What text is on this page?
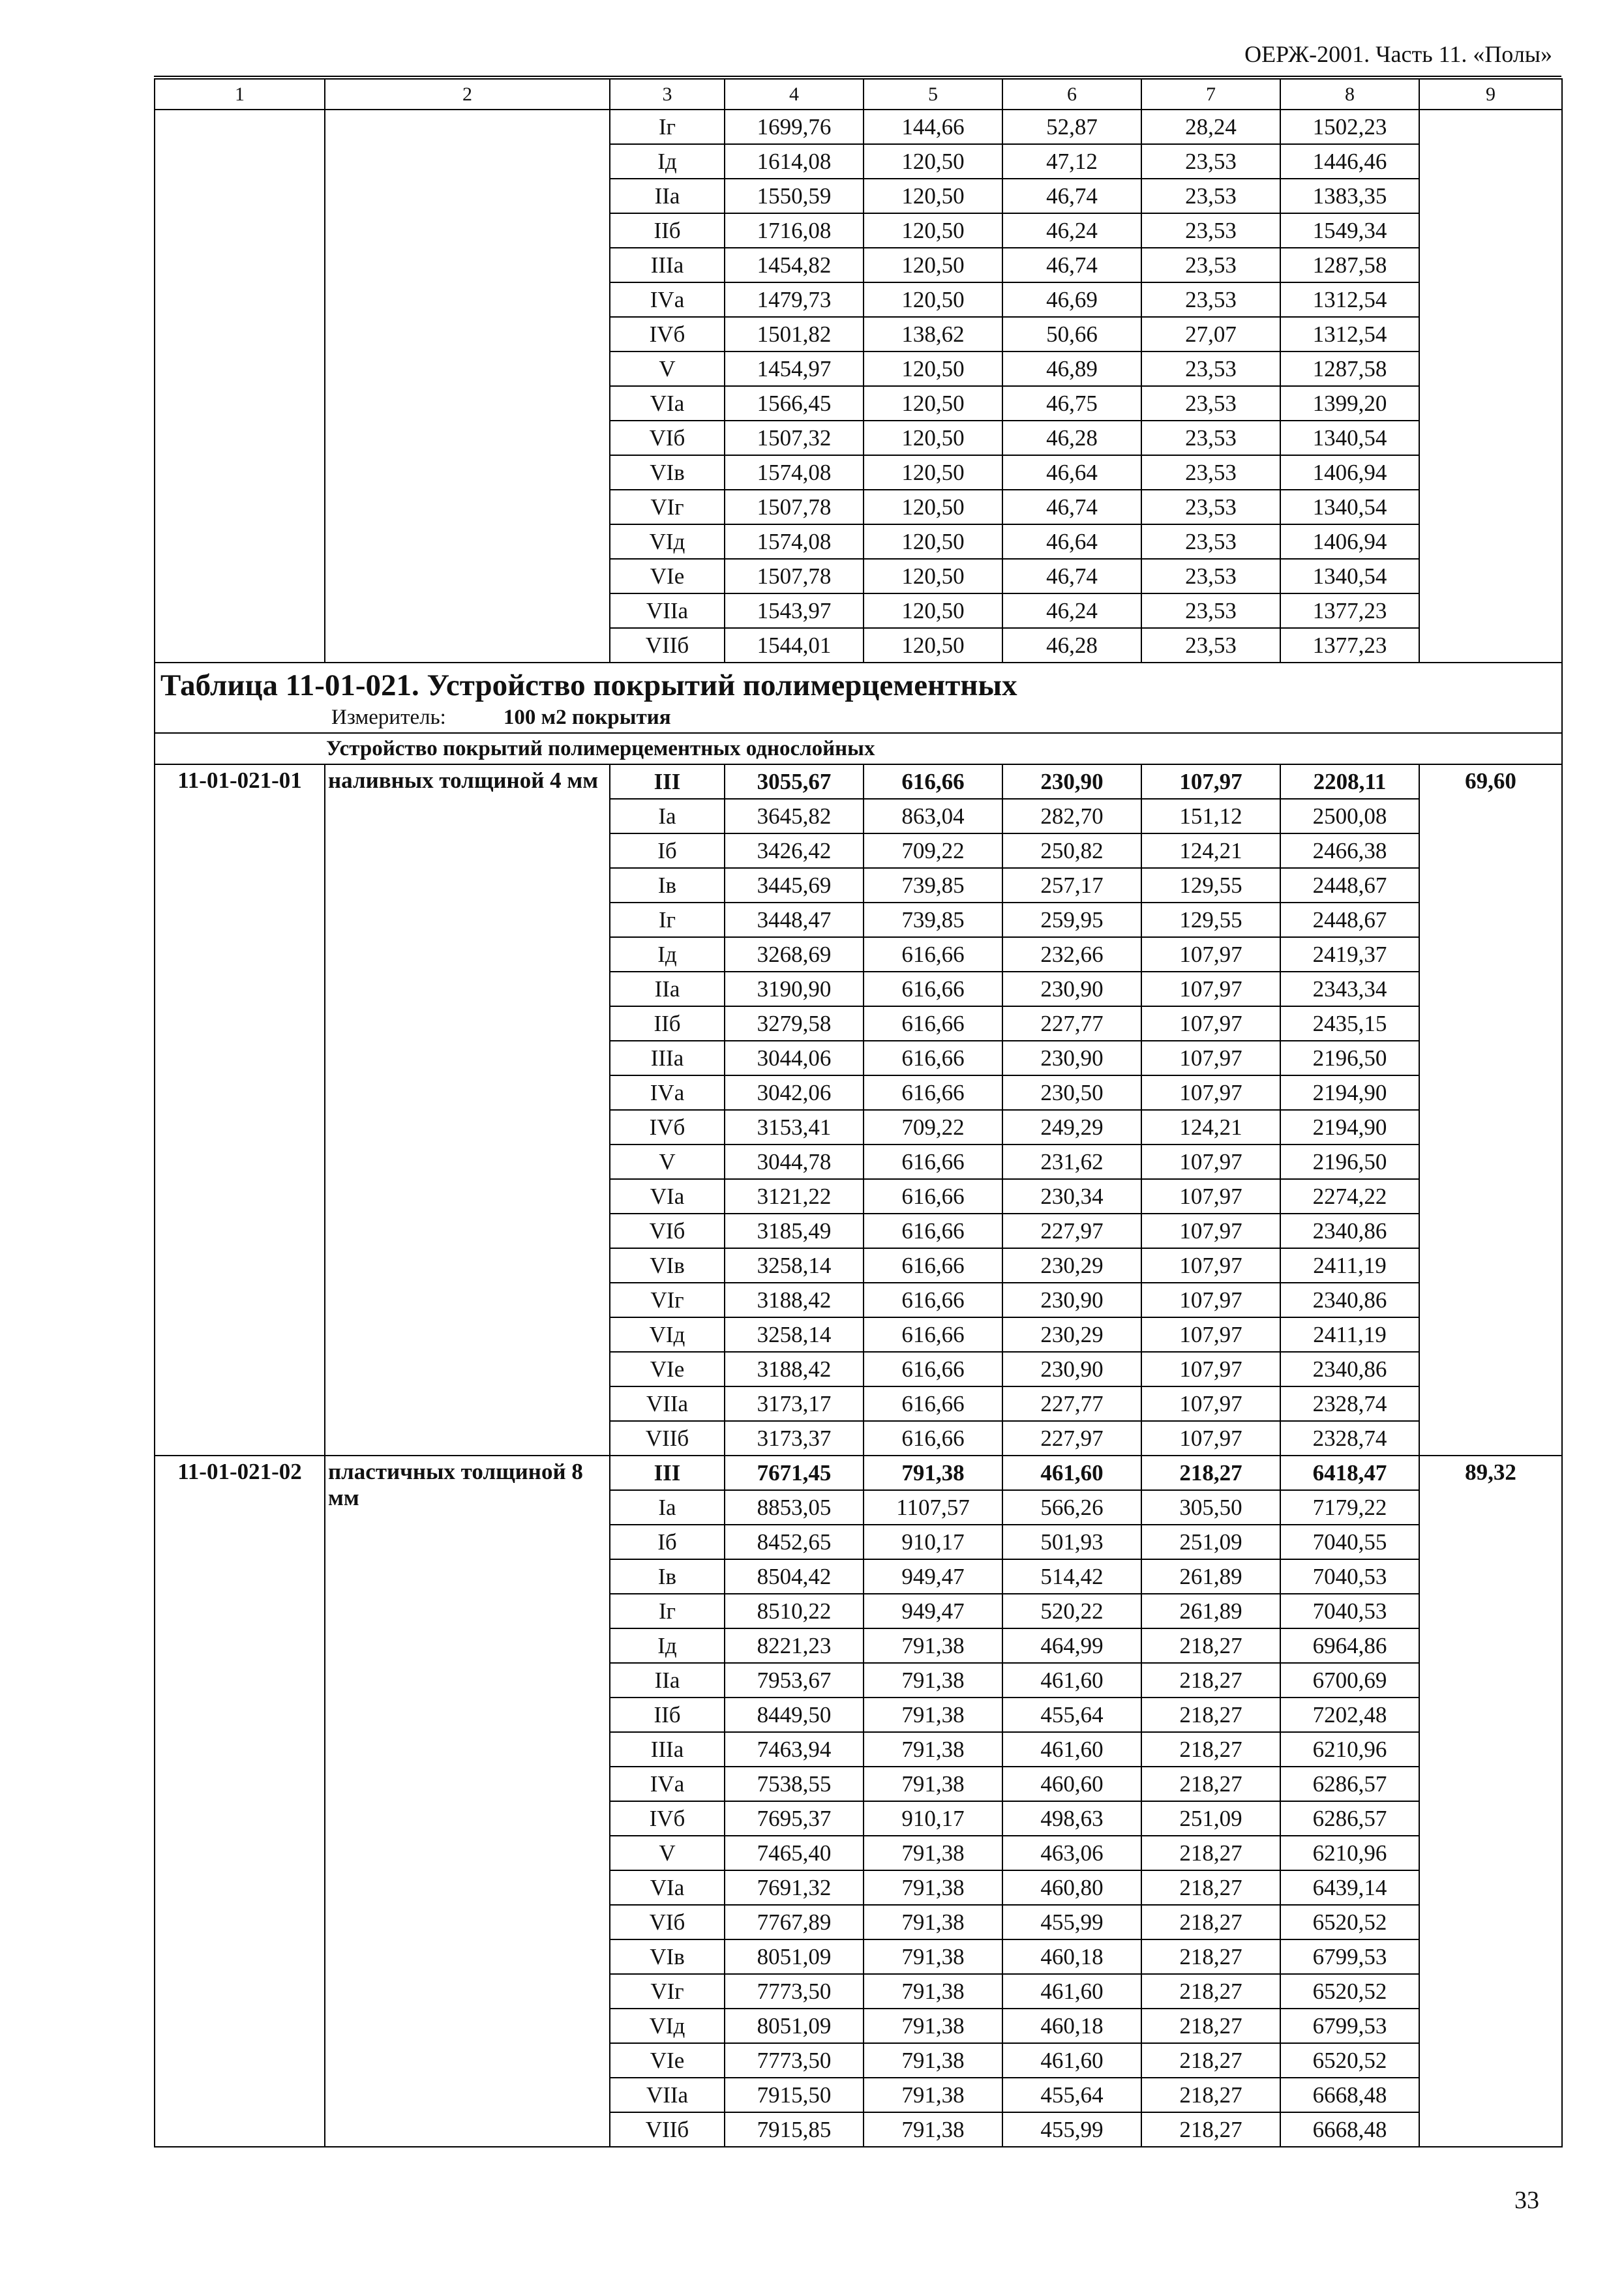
ОЕРЖ-2001. Часть 11. «Полы»
1	2	3	4	5	6	7	8	9
		Iг	1699,76	144,66	52,87	28,24	1502,23	
		Iд	1614,08	120,50	47,12	23,53	1446,46	
		IIа	1550,59	120,50	46,74	23,53	1383,35	
		IIб	1716,08	120,50	46,24	23,53	1549,34	
		IIIа	1454,82	120,50	46,74	23,53	1287,58	
		IVа	1479,73	120,50	46,69	23,53	1312,54	
		IVб	1501,82	138,62	50,66	27,07	1312,54	
		V	1454,97	120,50	46,89	23,53	1287,58	
		VIа	1566,45	120,50	46,75	23,53	1399,20	
		VIб	1507,32	120,50	46,28	23,53	1340,54	
		VIв	1574,08	120,50	46,64	23,53	1406,94	
		VIг	1507,78	120,50	46,74	23,53	1340,54	
		VIд	1574,08	120,50	46,64	23,53	1406,94	
		VIе	1507,78	120,50	46,74	23,53	1340,54	
		VIIа	1543,97	120,50	46,24	23,53	1377,23	
		VIIб	1544,01	120,50	46,28	23,53	1377,23	

Таблица 11-01-021. Устройство покрытий полимерцементных
Измеритель: 100 м2 покрытия								

Устройство покрытий полимерцементных однослойных								
11-01-021-01	наливных толщиной 4 мм	III	3055,67	616,66	230,90	107,97	2208,11	69,60
		Iа	3645,82	863,04	282,70	151,12	2500,08	
		Iб	3426,42	709,22	250,82	124,21	2466,38	
		Iв	3445,69	739,85	257,17	129,55	2448,67	
		Iг	3448,47	739,85	259,95	129,55	2448,67	
		Iд	3268,69	616,66	232,66	107,97	2419,37	
		IIа	3190,90	616,66	230,90	107,97	2343,34	
		IIб	3279,58	616,66	227,77	107,97	2435,15	
		IIIа	3044,06	616,66	230,90	107,97	2196,50	
		IVа	3042,06	616,66	230,50	107,97	2194,90	
		IVб	3153,41	709,22	249,29	124,21	2194,90	
		V	3044,78	616,66	231,62	107,97	2196,50	
		VIа	3121,22	616,66	230,34	107,97	2274,22	
		VIб	3185,49	616,66	227,97	107,97	2340,86	
		VIв	3258,14	616,66	230,29	107,97	2411,19	
		VIг	3188,42	616,66	230,90	107,97	2340,86	
		VIд	3258,14	616,66	230,29	107,97	2411,19	
		VIе	3188,42	616,66	230,90	107,97	2340,86	
		VIIа	3173,17	616,66	227,77	107,97	2328,74	
		VIIб	3173,37	616,66	227,97	107,97	2328,74	
11-01-021-02	пластичных толщиной 8 мм	III	7671,45	791,38	461,60	218,27	6418,47	89,32
		Iа	8853,05	1107,57	566,26	305,50	7179,22	
		Iб	8452,65	910,17	501,93	251,09	7040,55	
		Iв	8504,42	949,47	514,42	261,89	7040,53	
		Iг	8510,22	949,47	520,22	261,89	7040,53	
		Iд	8221,23	791,38	464,99	218,27	6964,86	
		IIа	7953,67	791,38	461,60	218,27	6700,69	
		IIб	8449,50	791,38	455,64	218,27	7202,48	
		IIIа	7463,94	791,38	461,60	218,27	6210,96	
		IVа	7538,55	791,38	460,60	218,27	6286,57	
		IVб	7695,37	910,17	498,63	251,09	6286,57	
		V	7465,40	791,38	463,06	218,27	6210,96	
		VIа	7691,32	791,38	460,80	218,27	6439,14	
		VIб	7767,89	791,38	455,99	218,27	6520,52	
		VIв	8051,09	791,38	460,18	218,27	6799,53	
		VIг	7773,50	791,38	461,60	218,27	6520,52	
		VIд	8051,09	791,38	460,18	218,27	6799,53	
		VIе	7773,50	791,38	461,60	218,27	6520,52	
		VIIа	7915,50	791,38	455,64	218,27	6668,48	
		VIIб	7915,85	791,38	455,99	218,27	6668,48	
33
